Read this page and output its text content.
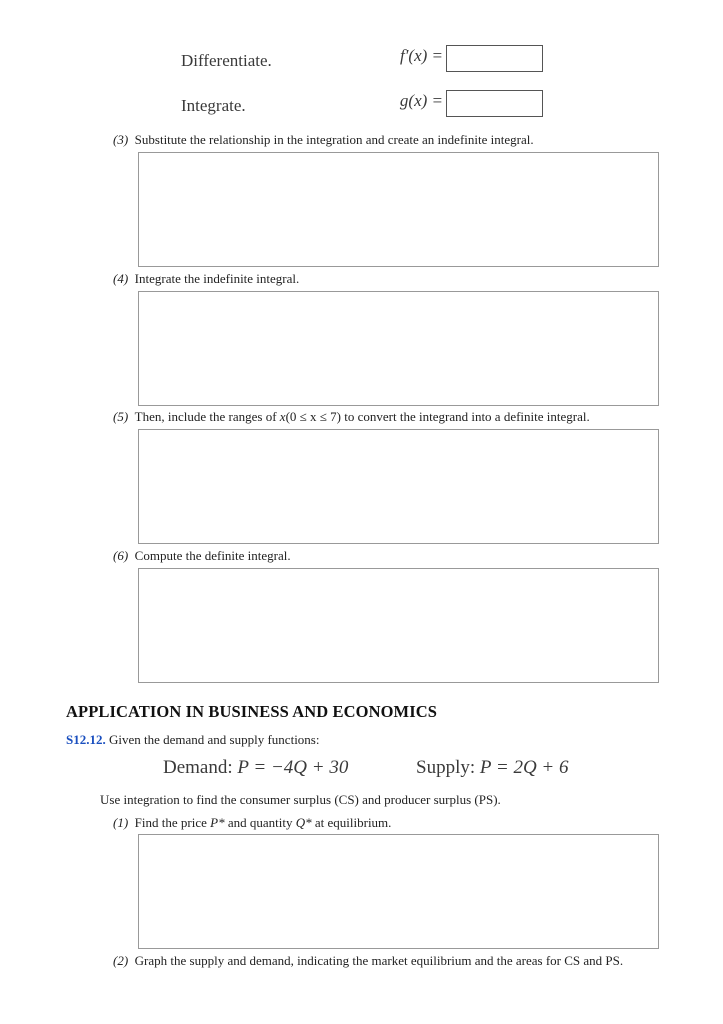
Differentiate.	f′(x) =
Integrate.	g(x) =
(3) Substitute the relationship in the integration and create an indefinite integral.
(4) Integrate the indefinite integral.
(5) Then, include the ranges of x(0 ≤ x ≤ 7) to convert the integrand into a definite integral.
(6) Compute the definite integral.
APPLICATION IN BUSINESS AND ECONOMICS
S12.12. Given the demand and supply functions:
Demand: P = −4Q + 30	Supply: P = 2Q + 6
Use integration to find the consumer surplus (CS) and producer surplus (PS).
(1) Find the price P* and quantity Q* at equilibrium.
(2) Graph the supply and demand, indicating the market equilibrium and the areas for CS and PS.
